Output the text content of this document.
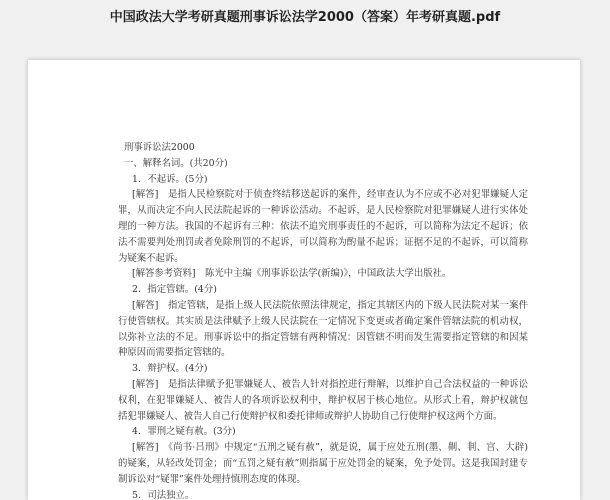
中国政法大学考研真题刑事诉讼法学2000（答案）年考研真题.pdf
刑事诉讼法2000
一、解释名词。(共20分)
1．不起诉。(5分)
[解答]　是指人民检察院对于侦查终结移送起诉的案件，经审查认为不应或不必对犯罪嫌疑人定罪，从而决定不向人民法院起诉的一种诉讼活动。不起诉，是人民检察院对犯罪嫌疑人进行实体处理的一种方法。我国的不起诉有三种：依法不追究刑事责任的不起诉，可以简称为法定不起诉；依法不需要判处刑罚或者免除刑罚的不起诉，可以简称为酌量不起诉；证据不足的不起诉，可以简称为疑案不起诉。
[解答参考资料]　陈光中主编《刑事诉讼法学(新编)》，中国政法大学出版社。
2．指定管辖。(4分)
[解答]　指定管辖，是指上级人民法院依照法律规定，指定其辖区内的下级人民法院对某一案件行使管辖权。其实质是法律赋予上级人民法院在一定情况下变更或者确定案件管辖法院的机动权，以弥补立法的不足。刑事诉讼中的指定管辖有两种情况：因管辖不明而发生需要指定管辖的和因某种原因而需要指定管辖的。
3．辩护权。(4分)
[解答]　是指法律赋予犯罪嫌疑人、被告人针对指控进行辩解，以维护自己合法权益的一种诉讼权利，在犯罪嫌疑人、被告人的各项诉讼权利中，辩护权居于核心地位。从形式上看，辩护权就包括犯罪嫌疑人、被告人自己行使辩护权和委托律师或辩护人协助自己行使辩护权这两个方面。
4．罪刑之疑有赦。(3分)
[解答]　《尚书·吕刑》中规定“五刑之疑有赦”，就是说，属于应处五刑(墨、劓、剕、宫、大辟)的疑案，从轻改处罚金；而“五罚之疑有赦”则指属于应处罚金的疑案，免予处罚。这是我国封建专制诉讼对“疑罪”案件处理持慎刑态度的体现。
5．司法独立。
